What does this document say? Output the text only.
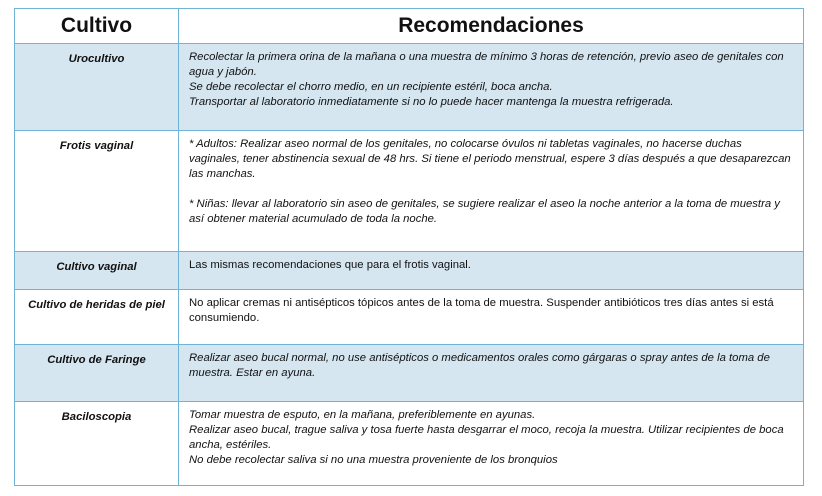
Cultivo	Recomendaciones
Urocultivo	Recolectar la primera orina de la mañana o una muestra de mínimo 3 horas de retención, previo aseo de genitales con agua y jabón.
Se debe recolectar el chorro medio, en un recipiente estéril, boca ancha.
Transportar al laboratorio inmediatamente si no lo puede hacer mantenga la muestra refrigerada.

Frotis vaginal	* Adultos: Realizar aseo normal de los genitales, no colocarse óvulos ni tabletas vaginales, no hacerse duchas vaginales, tener abstinencia sexual de 48 hrs. Si tiene el periodo menstrual, espere 3 días después a que desaparezcan las manchas.
* Niñas: llevar al laboratorio sin aseo de genitales, se sugiere realizar el aseo la noche anterior a la toma de muestra y así obtener material acumulado de toda la noche.

Cultivo vaginal	Las mismas recomendaciones que para el frotis vaginal.

Cultivo de heridas de piel	No aplicar cremas ni antisépticos tópicos antes de la toma de muestra. Suspender antibióticos tres días antes si está consumiendo.

Cultivo de Faringe	Realizar aseo bucal normal, no use antisépticos o medicamentos orales como gárgaras o spray antes de la toma de muestra. Estar en ayuna.

Baciloscopia	Tomar muestra de esputo, en la mañana, preferiblemente en ayunas.
Realizar aseo bucal, trague saliva y tosa fuerte hasta desgarrar el moco, recoja la muestra. Utilizar recipientes de boca ancha, estériles.
No debe recolectar saliva si no una muestra proveniente de los bronquios
